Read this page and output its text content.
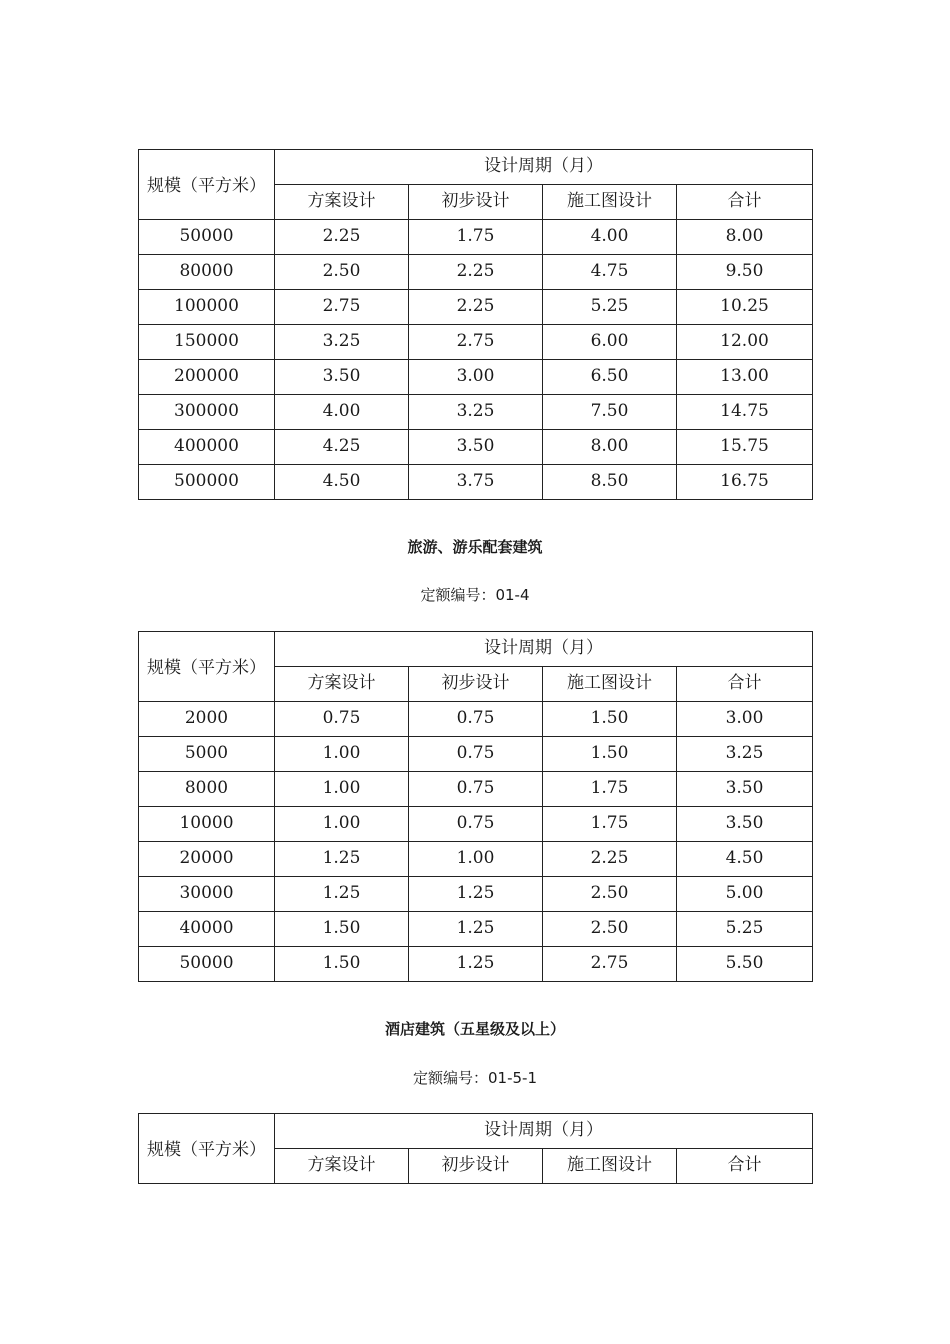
规模（平方米）	设计周期（月）			
	方案设计	初步设计	施工图设计	合计
50000	2.25	1.75	4.00	8.00
80000	2.50	2.25	4.75	9.50
100000	2.75	2.25	5.25	10.25
150000	3.25	2.75	6.00	12.00
200000	3.50	3.00	6.50	13.00
300000	4.00	3.25	7.50	14.75
400000	4.25	3.50	8.00	15.75
500000	4.50	3.75	8.50	16.75
旅游、游乐配套建筑
定额编号：01-4
规模（平方米）	设计周期（月）			
	方案设计	初步设计	施工图设计	合计
2000	0.75	0.75	1.50	3.00
5000	1.00	0.75	1.50	3.25
8000	1.00	0.75	1.75	3.50
10000	1.00	0.75	1.75	3.50
20000	1.25	1.00	2.25	4.50
30000	1.25	1.25	2.50	5.00
40000	1.50	1.25	2.50	5.25
50000	1.50	1.25	2.75	5.50
酒店建筑（五星级及以上）
定额编号：01-5-1
规模（平方米）	设计周期（月）			
	方案设计	初步设计	施工图设计	合计
